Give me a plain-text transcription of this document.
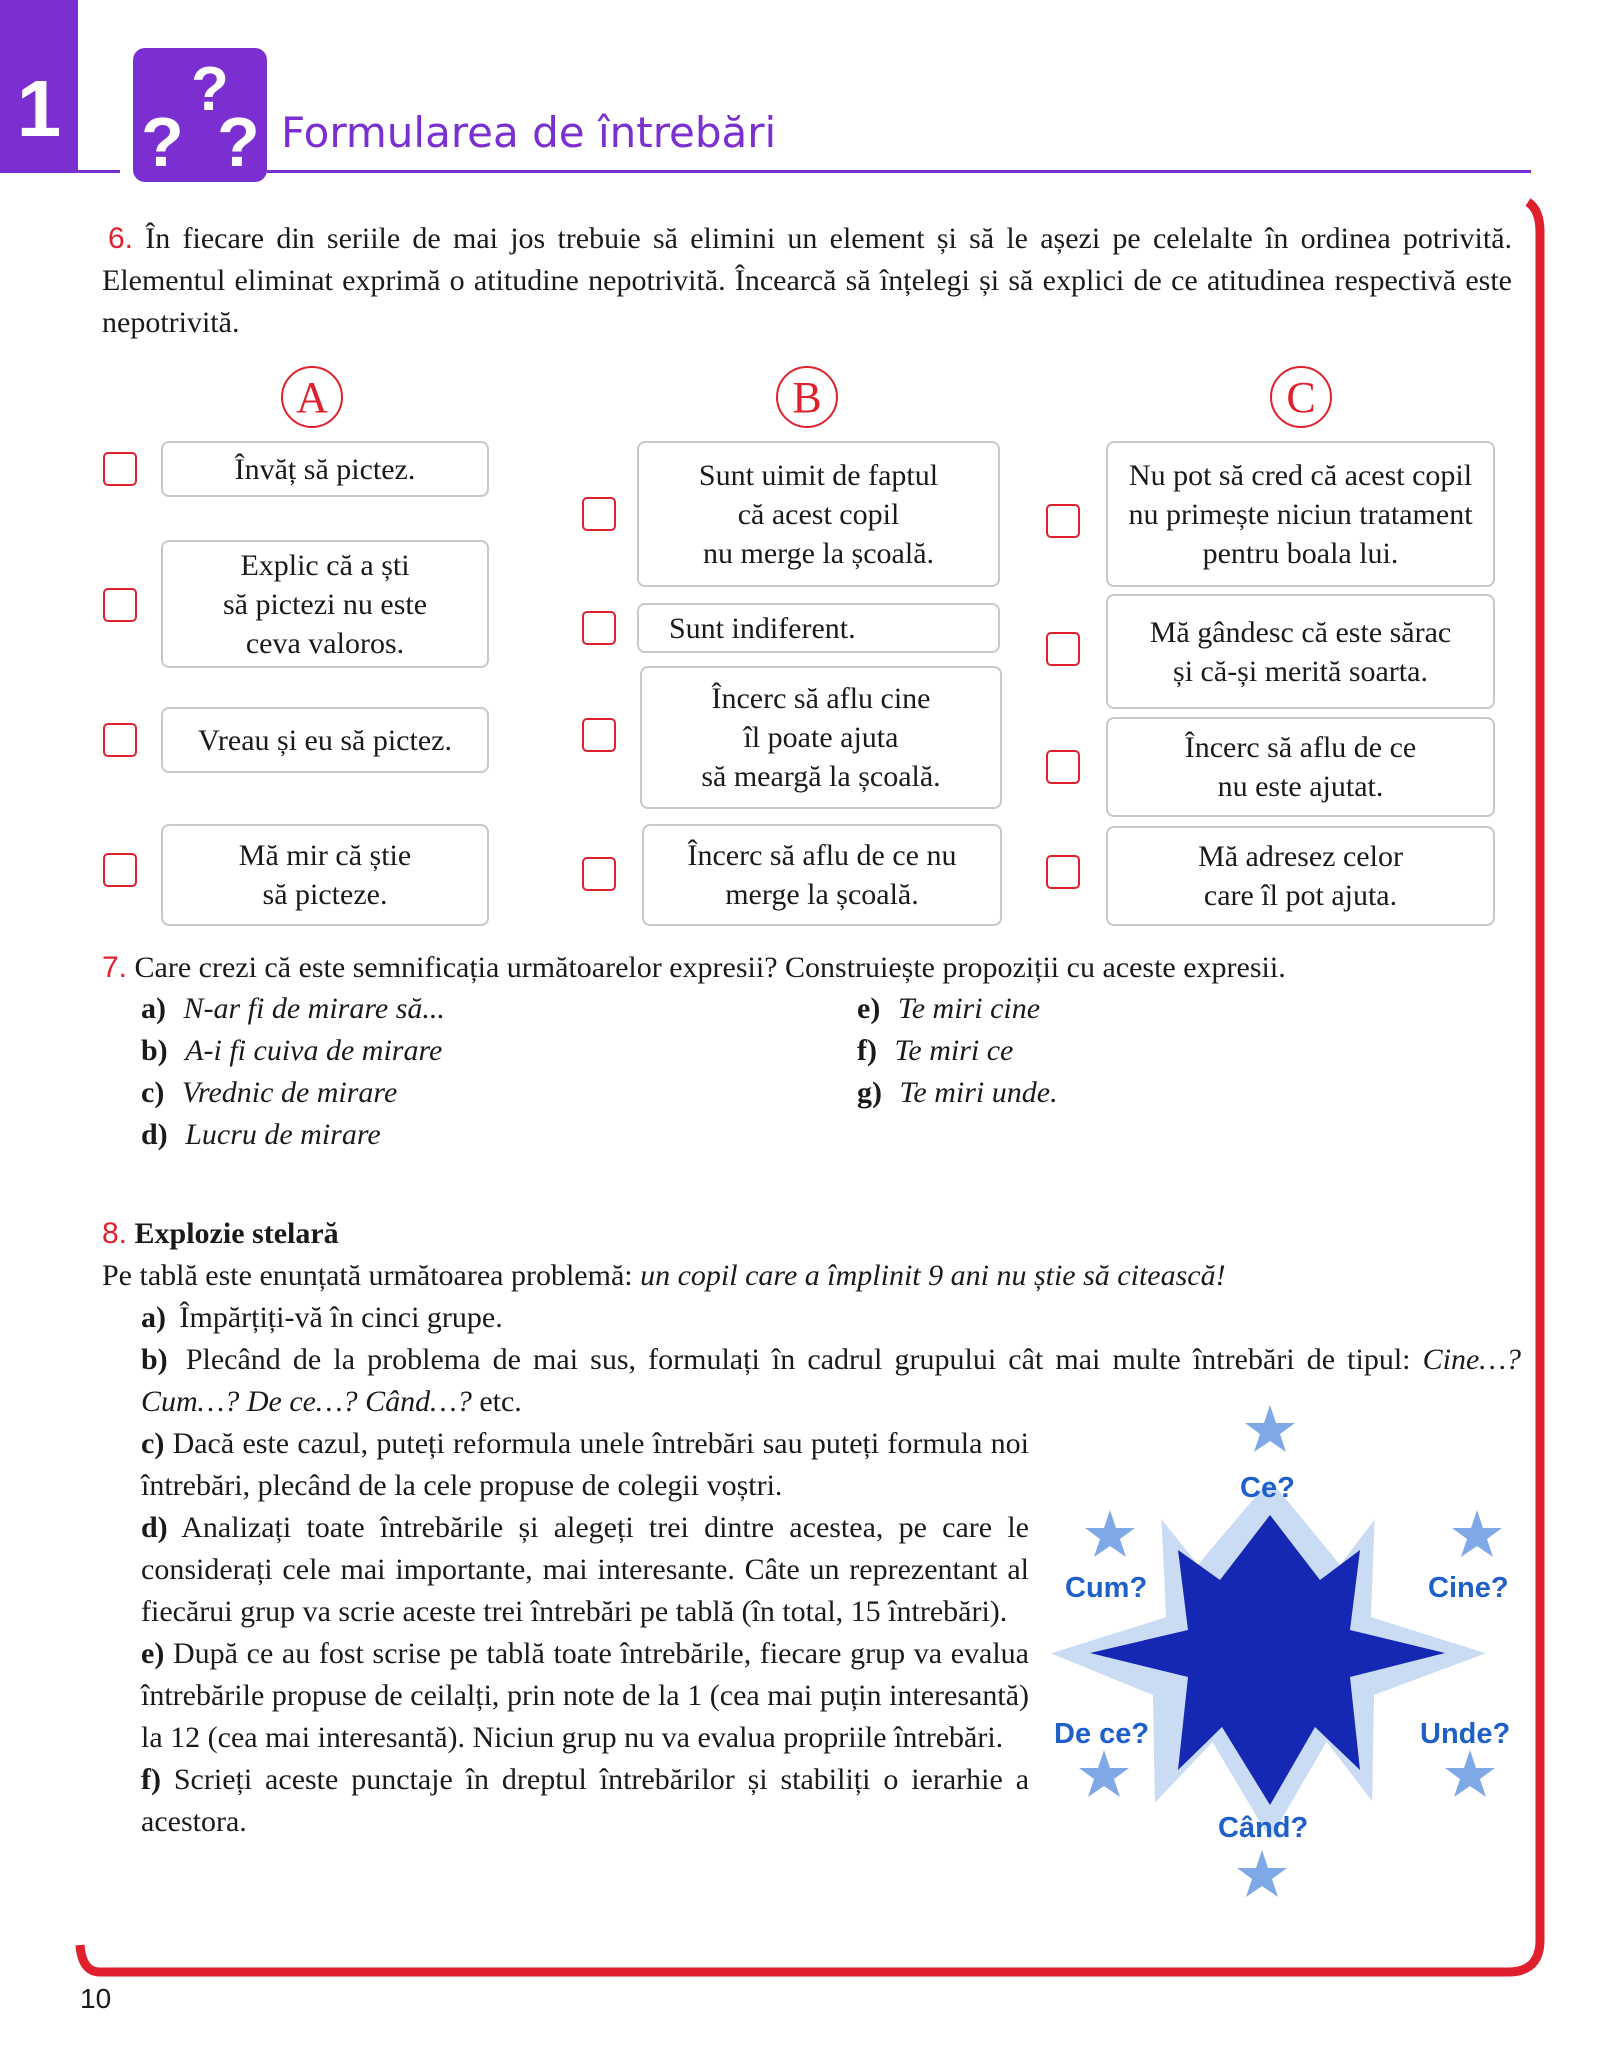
1 ?
? ? Formularea de întrebări
6. În fiecare din seriile de mai jos trebuie să elimini un element și să le așezi pe celelalte în ordinea potrivită. Elementul eliminat exprimă o atitudine nepotrivită. Încearcă să înțelegi și să explici de ce atitudinea respectivă este nepotrivită.
A	B	C
Învăț să pictez.
Explic că a ști
să pictezi nu este
ceva valoros.
Vreau și eu să pictez.
Mă mir că știe
să picteze.
Sunt uimit de faptul
că acest copil
nu merge la școală.
Sunt indiferent.
Încerc să aflu cine
îl poate ajuta
să meargă la școală.
Încerc să aflu de ce nu
merge la școală.
Nu pot să cred că acest copil
nu primește niciun tratament
pentru boala lui.
Mă gândesc că este sărac
și că-și merită soarta.
Încerc să aflu de ce
nu este ajutat.
Mă adresez celor
care îl pot ajuta.
7. Care crezi că este semnificația următoarelor expresii? Construiește propoziții cu aceste expresii.
a) N-ar fi de mirare să...
b) A-i fi cuiva de mirare
c) Vrednic de mirare
d) Lucru de mirare
e) Te miri cine
f) Te miri ce
g) Te miri unde.
8. Explozie stelară
Pe tablă este enunțată următoarea problemă: un copil care a împlinit 9 ani nu știe să citească!
a) Împărțiți-vă în cinci grupe.
b) Plecând de la problema de mai sus, formulați în cadrul grupului cât mai multe întrebări de tipul: Cine…? Cum…? De ce…? Când…? etc.
c) Dacă este cazul, puteți reformula unele întrebări sau puteți formula noi întrebări, plecând de la cele propuse de colegii voștri.
d) Analizați toate întrebările și alegeți trei dintre acestea, pe care le considerați cele mai importante, mai interesante. Câte un reprezentant al fiecărui grup va scrie aceste trei întrebări pe tablă (în total, 15 întrebări).
e) După ce au fost scrise pe tablă toate întrebările, fiecare grup va evalua întrebările propuse de ceilalți, prin note de la 1 (cea mai puțin interesantă) la 12 (cea mai interesantă). Niciun grup nu va evalua propriile întrebări.
f) Scrieți aceste punctaje în dreptul întrebărilor și stabiliți o ierarhie a acestora.
Ce?
Cum?	Cine?
De ce?	Unde?
Când?
10
